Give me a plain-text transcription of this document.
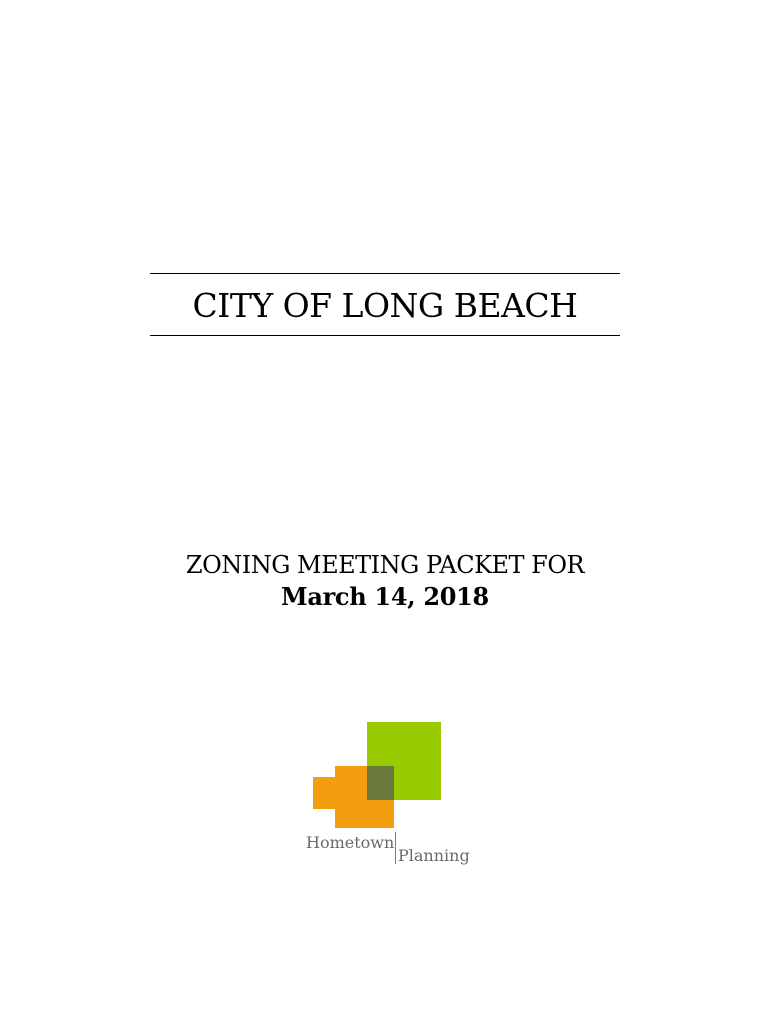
CITY OF LONG BEACH
ZONING MEETING PACKET FOR
March 14, 2018
Hometown
Planning
